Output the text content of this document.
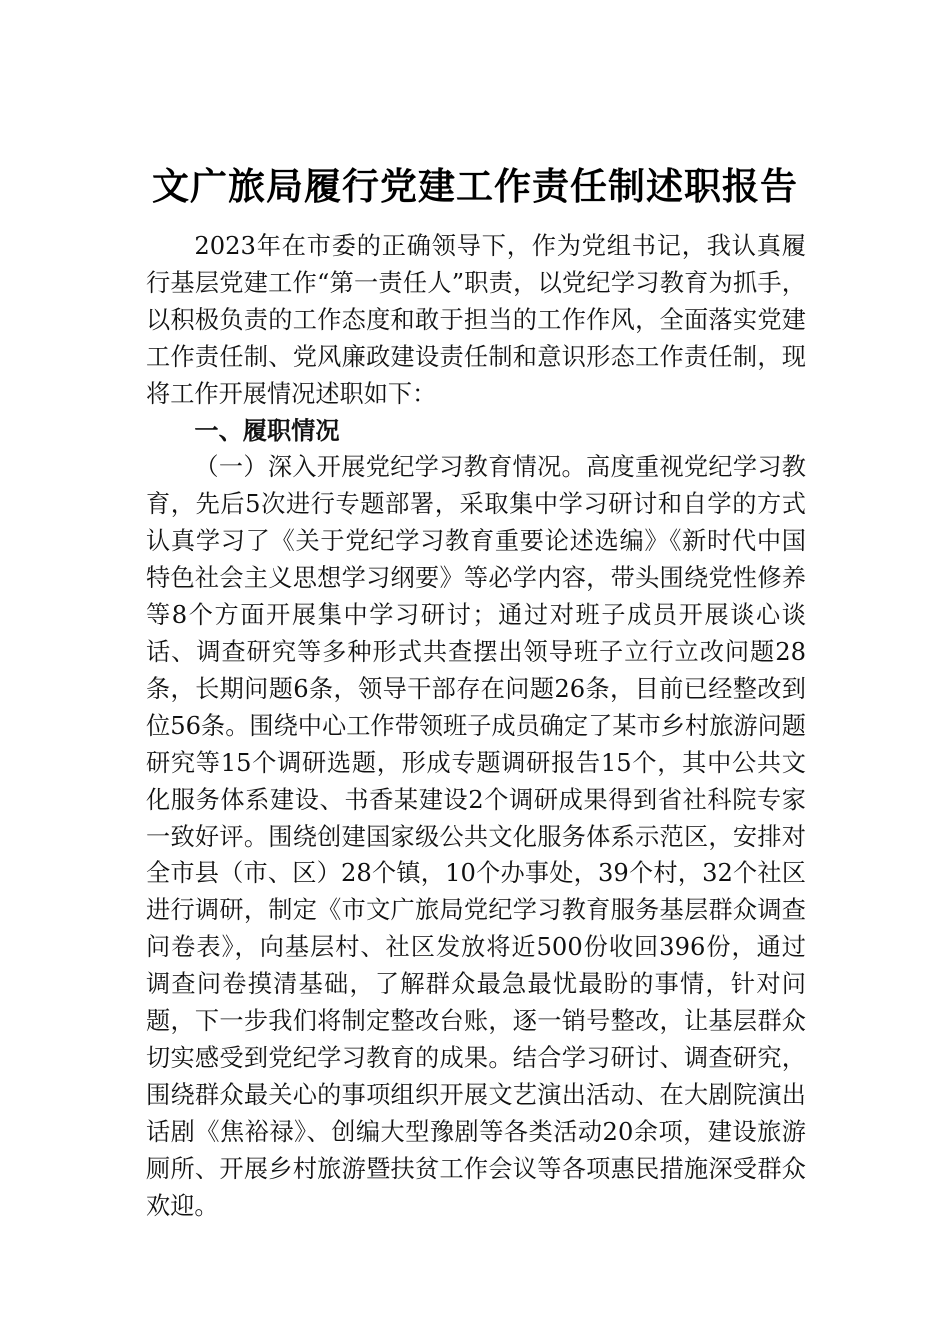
文广旅局履行党建工作责任制述职报告

2023年在市委的正确领导下，作为党组书记，我认真履行基层党建工作“第一责任人”职责，以党纪学习教育为抓手，以积极负责的工作态度和敢于担当的工作作风，全面落实党建工作责任制、党风廉政建设责任制和意识形态工作责任制，现将工作开展情况述职如下：

一、履职情况

（一）深入开展党纪学习教育情况。高度重视党纪学习教育，先后5次进行专题部署，采取集中学习研讨和自学的方式认真学习了《关于党纪学习教育重要论述选编》《新时代中国特色社会主义思想学习纲要》等必学内容，带头围绕党性修养等8个方面开展集中学习研讨；通过对班子成员开展谈心谈话、调查研究等多种形式共查摆出领导班子立行立改问题28条，长期问题6条，领导干部存在问题26条，目前已经整改到位56条。围绕中心工作带领班子成员确定了某市乡村旅游问题研究等15个调研选题，形成专题调研报告15个，其中公共文化服务体系建设、书香某建设2个调研成果得到省社科院专家一致好评。围绕创建国家级公共文化服务体系示范区，安排对全市县（市、区）28个镇，10个办事处，39个村，32个社区进行调研，制定《市文广旅局党纪学习教育服务基层群众调查问卷表》，向基层村、社区发放将近500份收回396份，通过调查问卷摸清基础，了解群众最急最忧最盼的事情，针对问题，下一步我们将制定整改台账，逐一销号整改，让基层群众切实感受到党纪学习教育的成果。结合学习研讨、调查研究，围绕群众最关心的事项组织开展文艺演出活动、在大剧院演出话剧《焦裕禄》、创编大型豫剧等各类活动20余项，建设旅游厕所、开展乡村旅游暨扶贫工作会议等各项惠民措施深受群众欢迎。
